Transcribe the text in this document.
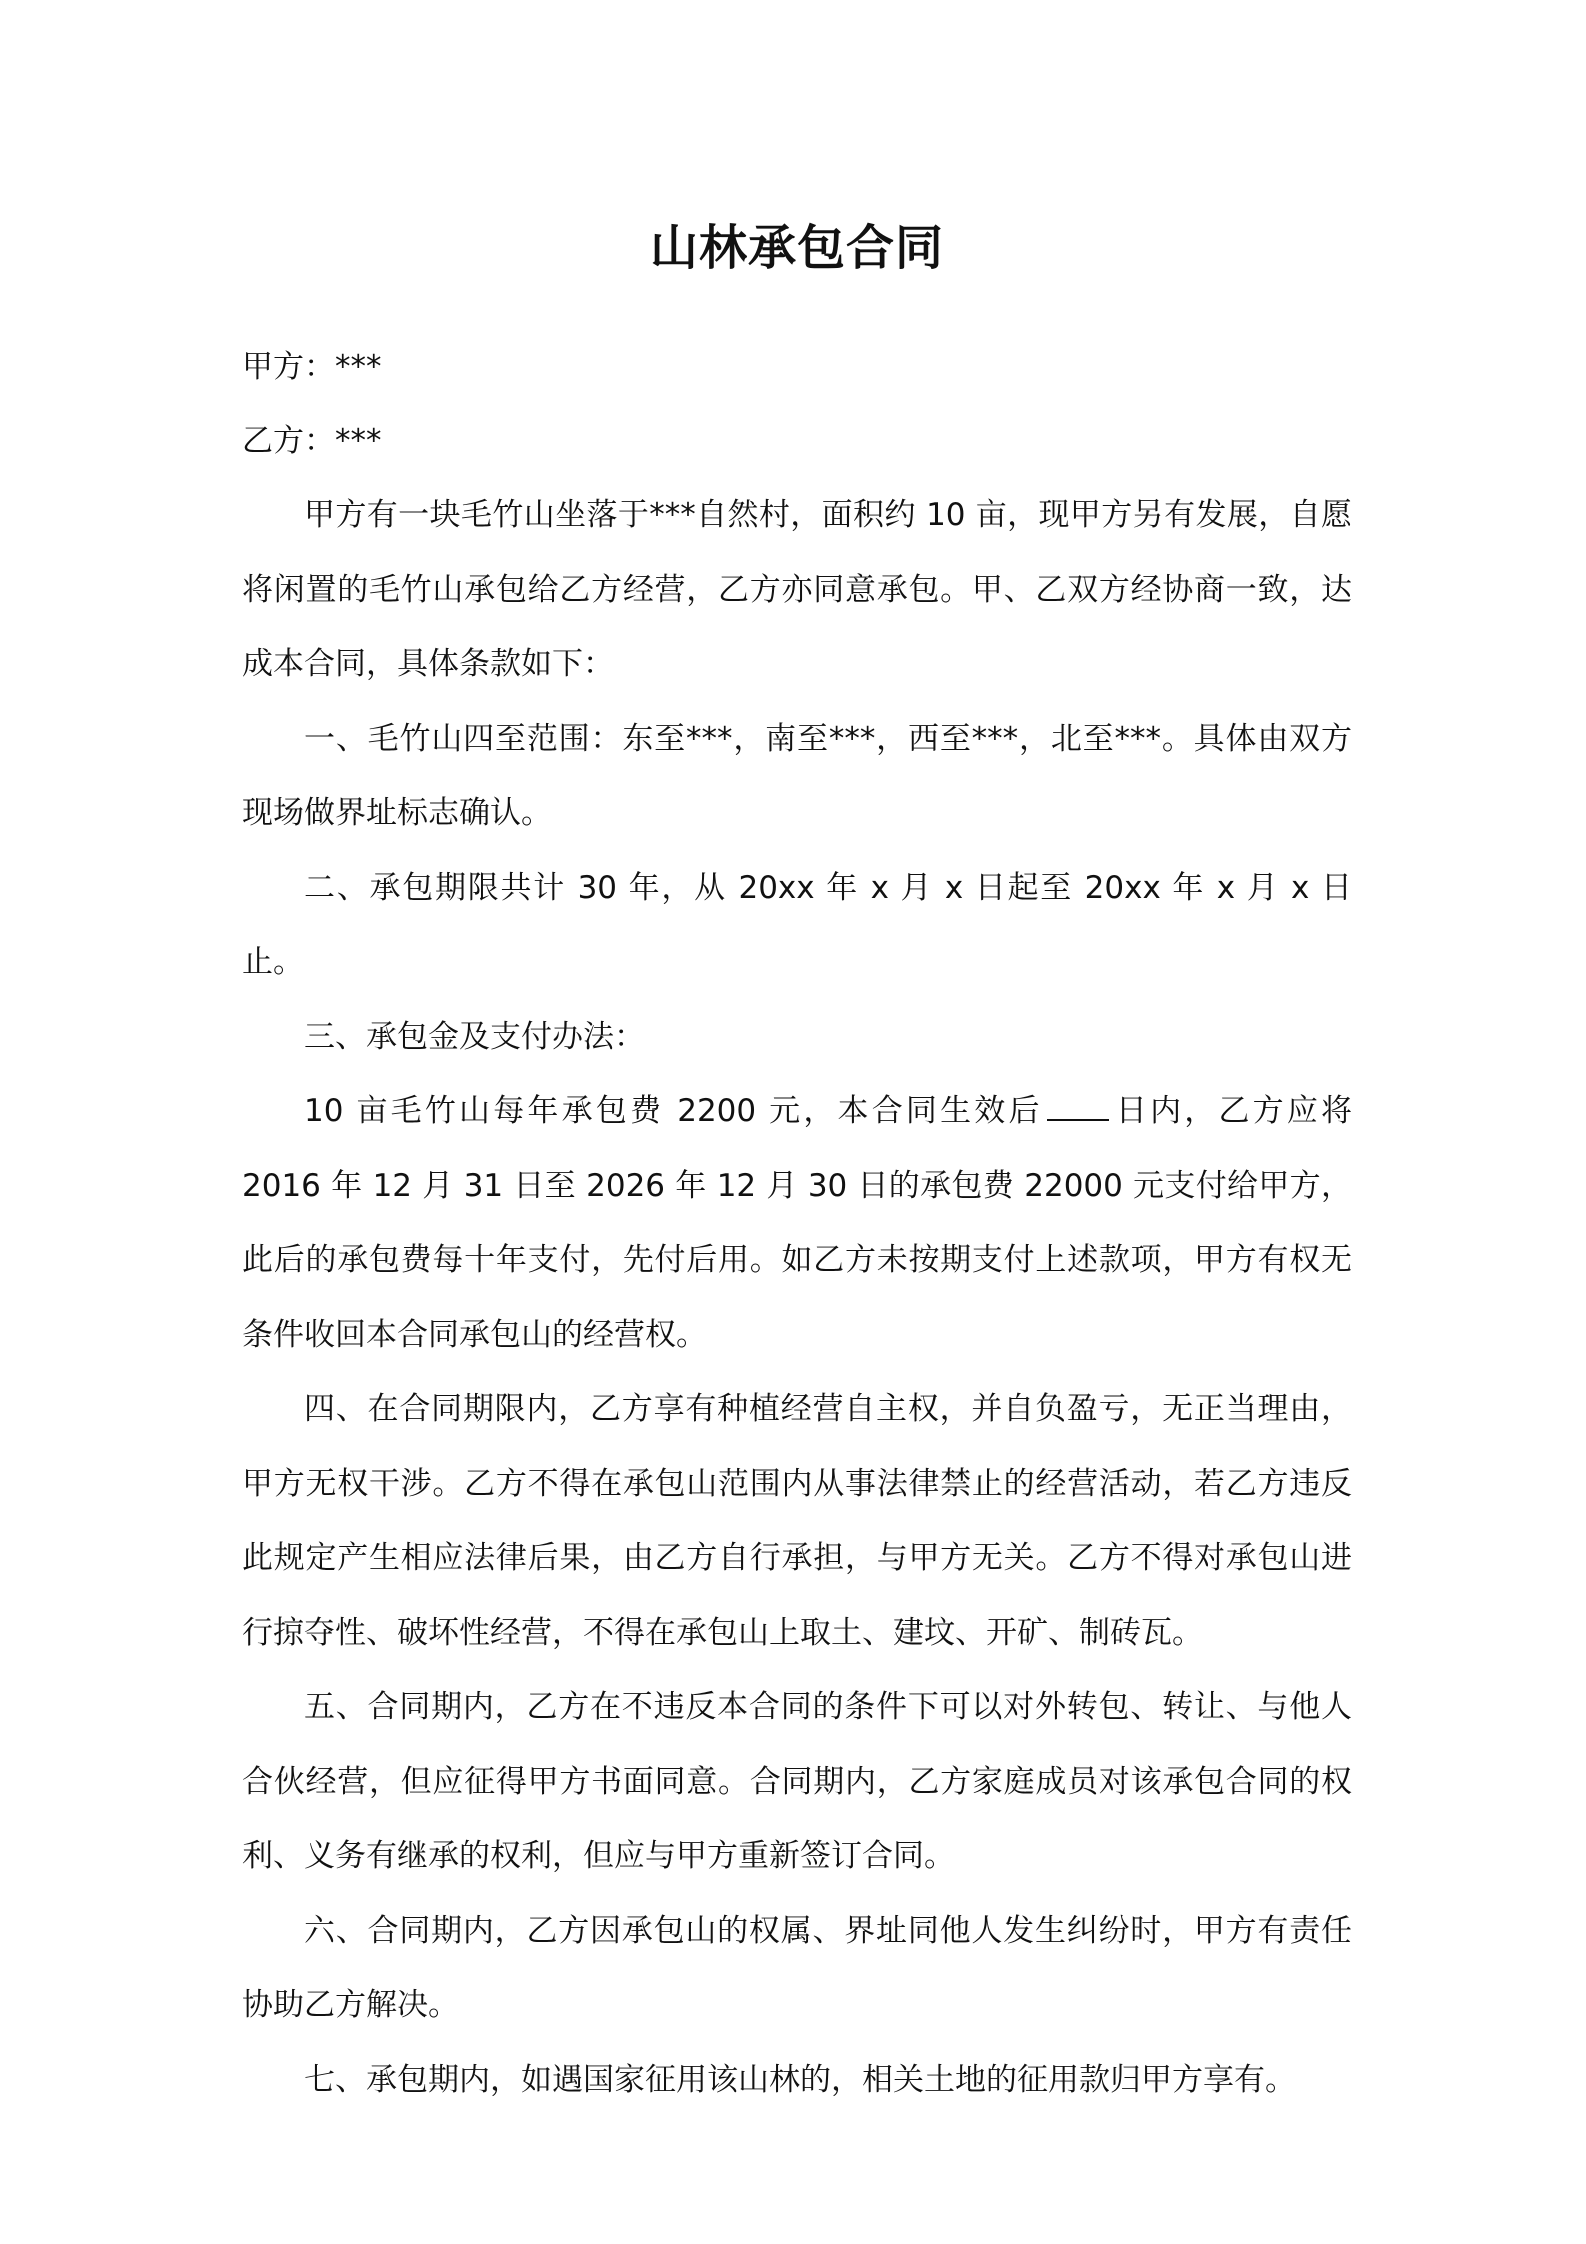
山林承包合同

甲方：***

乙方：***

甲方有一块毛竹山坐落于***自然村，面积约 10 亩，现甲方另有发展，自愿将闲置的毛竹山承包给乙方经营，乙方亦同意承包。甲、乙双方经协商一致，达成本合同，具体条款如下：

一、毛竹山四至范围：东至***，南至***，西至***，北至***。具体由双方现场做界址标志确认。

二、承包期限共计 30 年，从 20xx 年 x 月 x 日起至 20xx 年 x 月 x 日止。

三、承包金及支付办法：

10 亩毛竹山每年承包费 2200 元，本合同生效后 日内，乙方应将 2016 年 12 月 31 日至 2026 年 12 月 30 日的承包费 22000 元支付给甲方，此后的承包费每十年支付，先付后用。如乙方未按期支付上述款项，甲方有权无条件收回本合同承包山的经营权。

四、在合同期限内，乙方享有种植经营自主权，并自负盈亏，无正当理由，甲方无权干涉。乙方不得在承包山范围内从事法律禁止的经营活动，若乙方违反此规定产生相应法律后果，由乙方自行承担，与甲方无关。乙方不得对承包山进行掠夺性、破坏性经营，不得在承包山上取土、建坟、开矿、制砖瓦。

五、合同期内，乙方在不违反本合同的条件下可以对外转包、转让、与他人合伙经营，但应征得甲方书面同意。合同期内，乙方家庭成员对该承包合同的权利、义务有继承的权利，但应与甲方重新签订合同。

六、合同期内，乙方因承包山的权属、界址同他人发生纠纷时，甲方有责任协助乙方解决。

七、承包期内，如遇国家征用该山林的，相关土地的征用款归甲方享有。
